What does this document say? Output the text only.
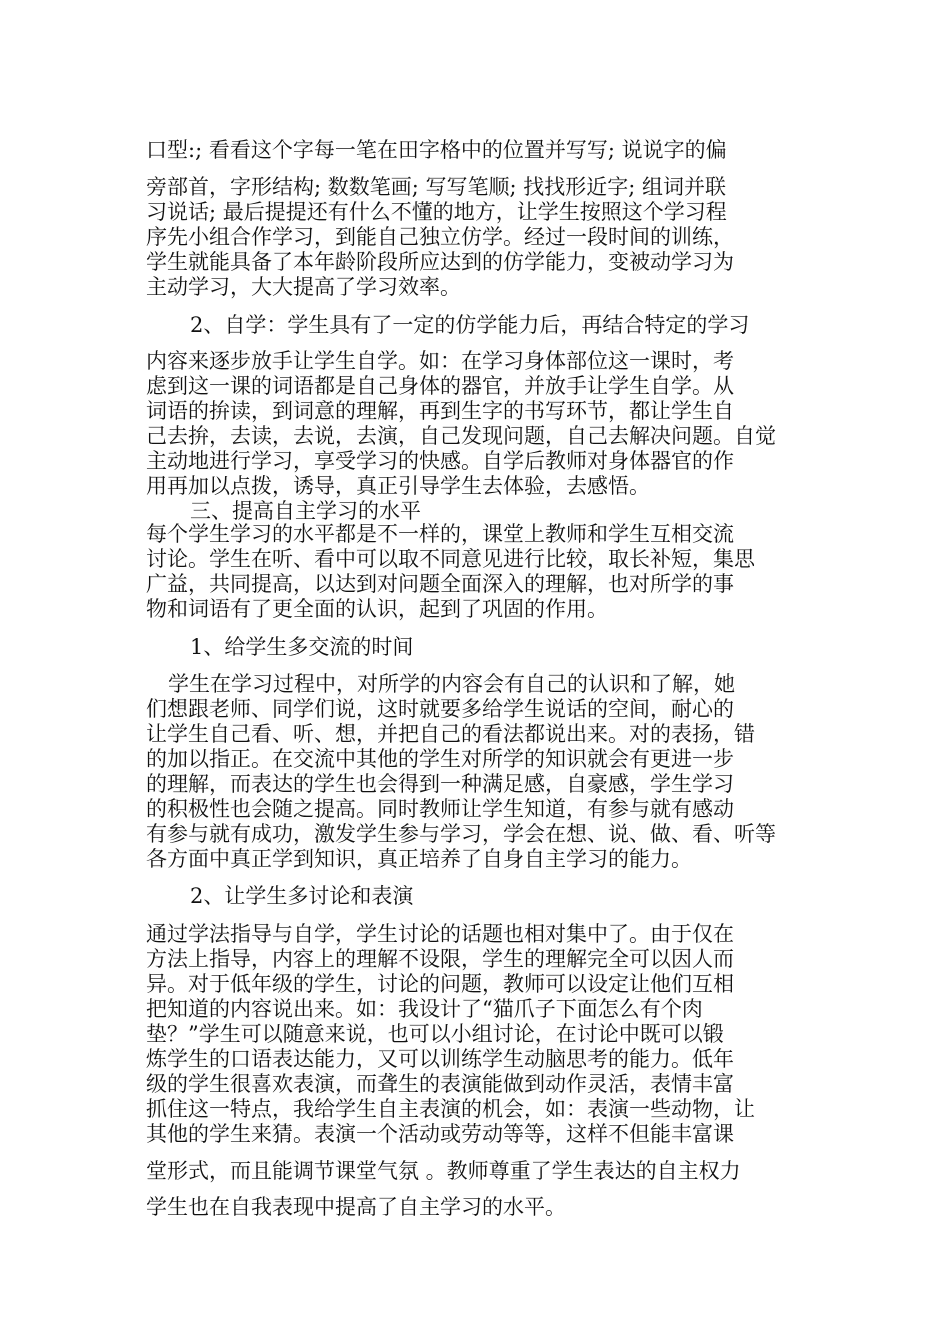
口型:; 看看这个字每一笔在田字格中的位置并写写; 说说字的偏
旁部首，字形结构; 数数笔画; 写写笔顺; 找找形近字; 组词并联
习说话; 最后提提还有什么不懂的地方，让学生按照这个学习程
序先小组合作学习，到能自己独立仿学。经过一段时间的训练，
学生就能具备了本年龄阶段所应达到的仿学能力，变被动学习为
主动学习，大大提高了学习效率。
2、自学：学生具有了一定的仿学能力后，再结合特定的学习
内容来逐步放手让学生自学。如：在学习身体部位这一课时，考
虑到这一课的词语都是自己身体的器官，并放手让学生自学。从
词语的拚读，到词意的理解，再到生字的书写环节，都让学生自
己去拚，去读，去说，去演，自己发现问题，自己去解决问题。自觉
主动地进行学习，享受学习的快感。自学后教师对身体器官的作
用再加以点拨，诱导，真正引导学生去体验，去感悟。
三、提高自主学习的水平
每个学生学习的水平都是不一样的，课堂上教师和学生互相交流
讨论。学生在听、看中可以取不同意见进行比较，取长补短，集思
广益，共同提高，以达到对问题全面深入的理解，也对所学的事
物和词语有了更全面的认识，起到了巩固的作用。
1、给学生多交流的时间
学生在学习过程中，对所学的内容会有自己的认识和了解，她
们想跟老师、同学们说，这时就要多给学生说话的空间，耐心的
让学生自己看、听、想，并把自己的看法都说出来。对的表扬，错
的加以指正。在交流中其他的学生对所学的知识就会有更进一步
的理解，而表达的学生也会得到一种满足感，自豪感，学生学习
的积极性也会随之提高。同时教师让学生知道，有参与就有感动
有参与就有成功，激发学生参与学习，学会在想、说、做、看、听等
各方面中真正学到知识，真正培养了自身自主学习的能力。
2、让学生多讨论和表演
通过学法指导与自学，学生讨论的话题也相对集中了。由于仅在
方法上指导，内容上的理解不设限，学生的理解完全可以因人而
异。对于低年级的学生，讨论的问题，教师可以设定让他们互相
把知道的内容说出来。如：我设计了“猫爪子下面怎么有个肉
垫？”学生可以随意来说，也可以小组讨论，在讨论中既可以锻
炼学生的口语表达能力，又可以训练学生动脑思考的能力。低年
级的学生很喜欢表演，而聋生的表演能做到动作灵活，表情丰富
抓住这一特点，我给学生自主表演的机会，如：表演一些动物，让
其他的学生来猜。表演一个活动或劳动等等，这样不但能丰富课
堂形式，而且能调节课堂气氛 。教师尊重了学生表达的自主权力
学生也在自我表现中提高了自主学习的水平。
